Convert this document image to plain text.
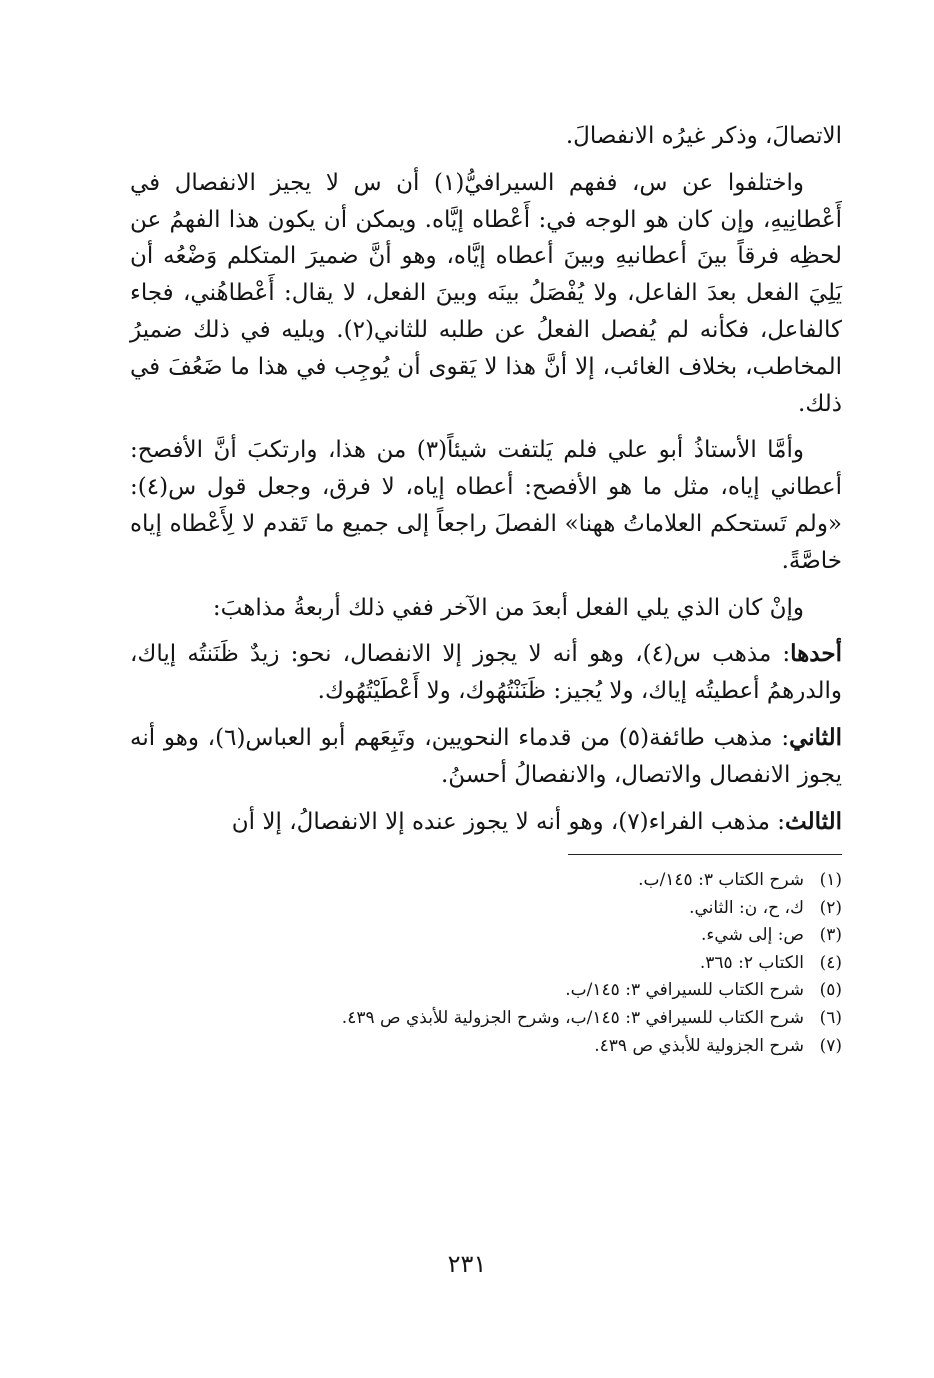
الاتصالَ، وذكر غيرُه الانفصالَ.

واختلفوا عن س، ففهم السيرافيُّ(١) أن س لا يجيز الانفصال في أَعْطانِيهِ، وإن كان هو الوجه في: أَعْطاه إيَّاه. ويمكن أن يكون هذا الفهمُ عن لحظِه فرقاً بينَ أعطانيهِ وبينَ أعطاه إيَّاه، وهو أنَّ ضميرَ المتكلم وَضْعُه أن يَلِيَ الفعل بعدَ الفاعل، ولا يُفْصَلُ بينَه وبينَ الفعل، لا يقال: أَعْطاهُني، فجاء كالفاعل، فكأنه لم يُفصل الفعلُ عن طلبه للثاني(٢). ويليه في ذلك ضميرُ المخاطب، بخلاف الغائب، إلا أنَّ هذا لا يَقوى أن يُوجِب في هذا ما ضَعُفَ في ذلك.

وأمَّا الأستاذُ أبو علي فلم يَلتفت شيئاً(٣) من هذا، وارتكبَ أنَّ الأفصح: أعطاني إياه، مثل ما هو الأفصح: أعطاه إياه، لا فرق، وجعل قول س(٤): «ولم تَستحكم العلاماتُ ههنا» الفصلَ راجعاً إلى جميع ما تَقدم لا لِأَعْطاه إياه خاصَّةً.

وإنْ كان الذي يلي الفعل أبعدَ من الآخر ففي ذلك أربعةُ مذاهبَ:

أحدها: مذهب س(٤)، وهو أنه لا يجوز إلا الانفصال، نحو: زيدٌ ظَنَنتُه إياك، والدرهمُ أعطيتُه إياك، ولا يُجيز: ظَنَنْتُهُوك، ولا أَعْطَيْتُهُوك.

الثاني: مذهب طائفة(٥) من قدماء النحويين، وتَبِعَهم أبو العباس(٦)، وهو أنه يجوز الانفصال والاتصال، والانفصالُ أحسنُ.

الثالث: مذهب الفراء(٧)، وهو أنه لا يجوز عنده إلا الانفصالُ، إلا أن

(١)
شرح الكتاب ٣: ١٤٥/ب.
(٢)
ك، ح، ن: الثاني.
(٣)
ص: إلى شيء.
(٤)
الكتاب ٢: ٣٦٥.
(٥)
شرح الكتاب للسيرافي ٣: ١٤٥/ب.
(٦)
شرح الكتاب للسيرافي ٣: ١٤٥/ب، وشرح الجزولية للأبذي ص ٤٣٩.
(٧)
شرح الجزولية للأبذي ص ٤٣٩.
٢٣١
